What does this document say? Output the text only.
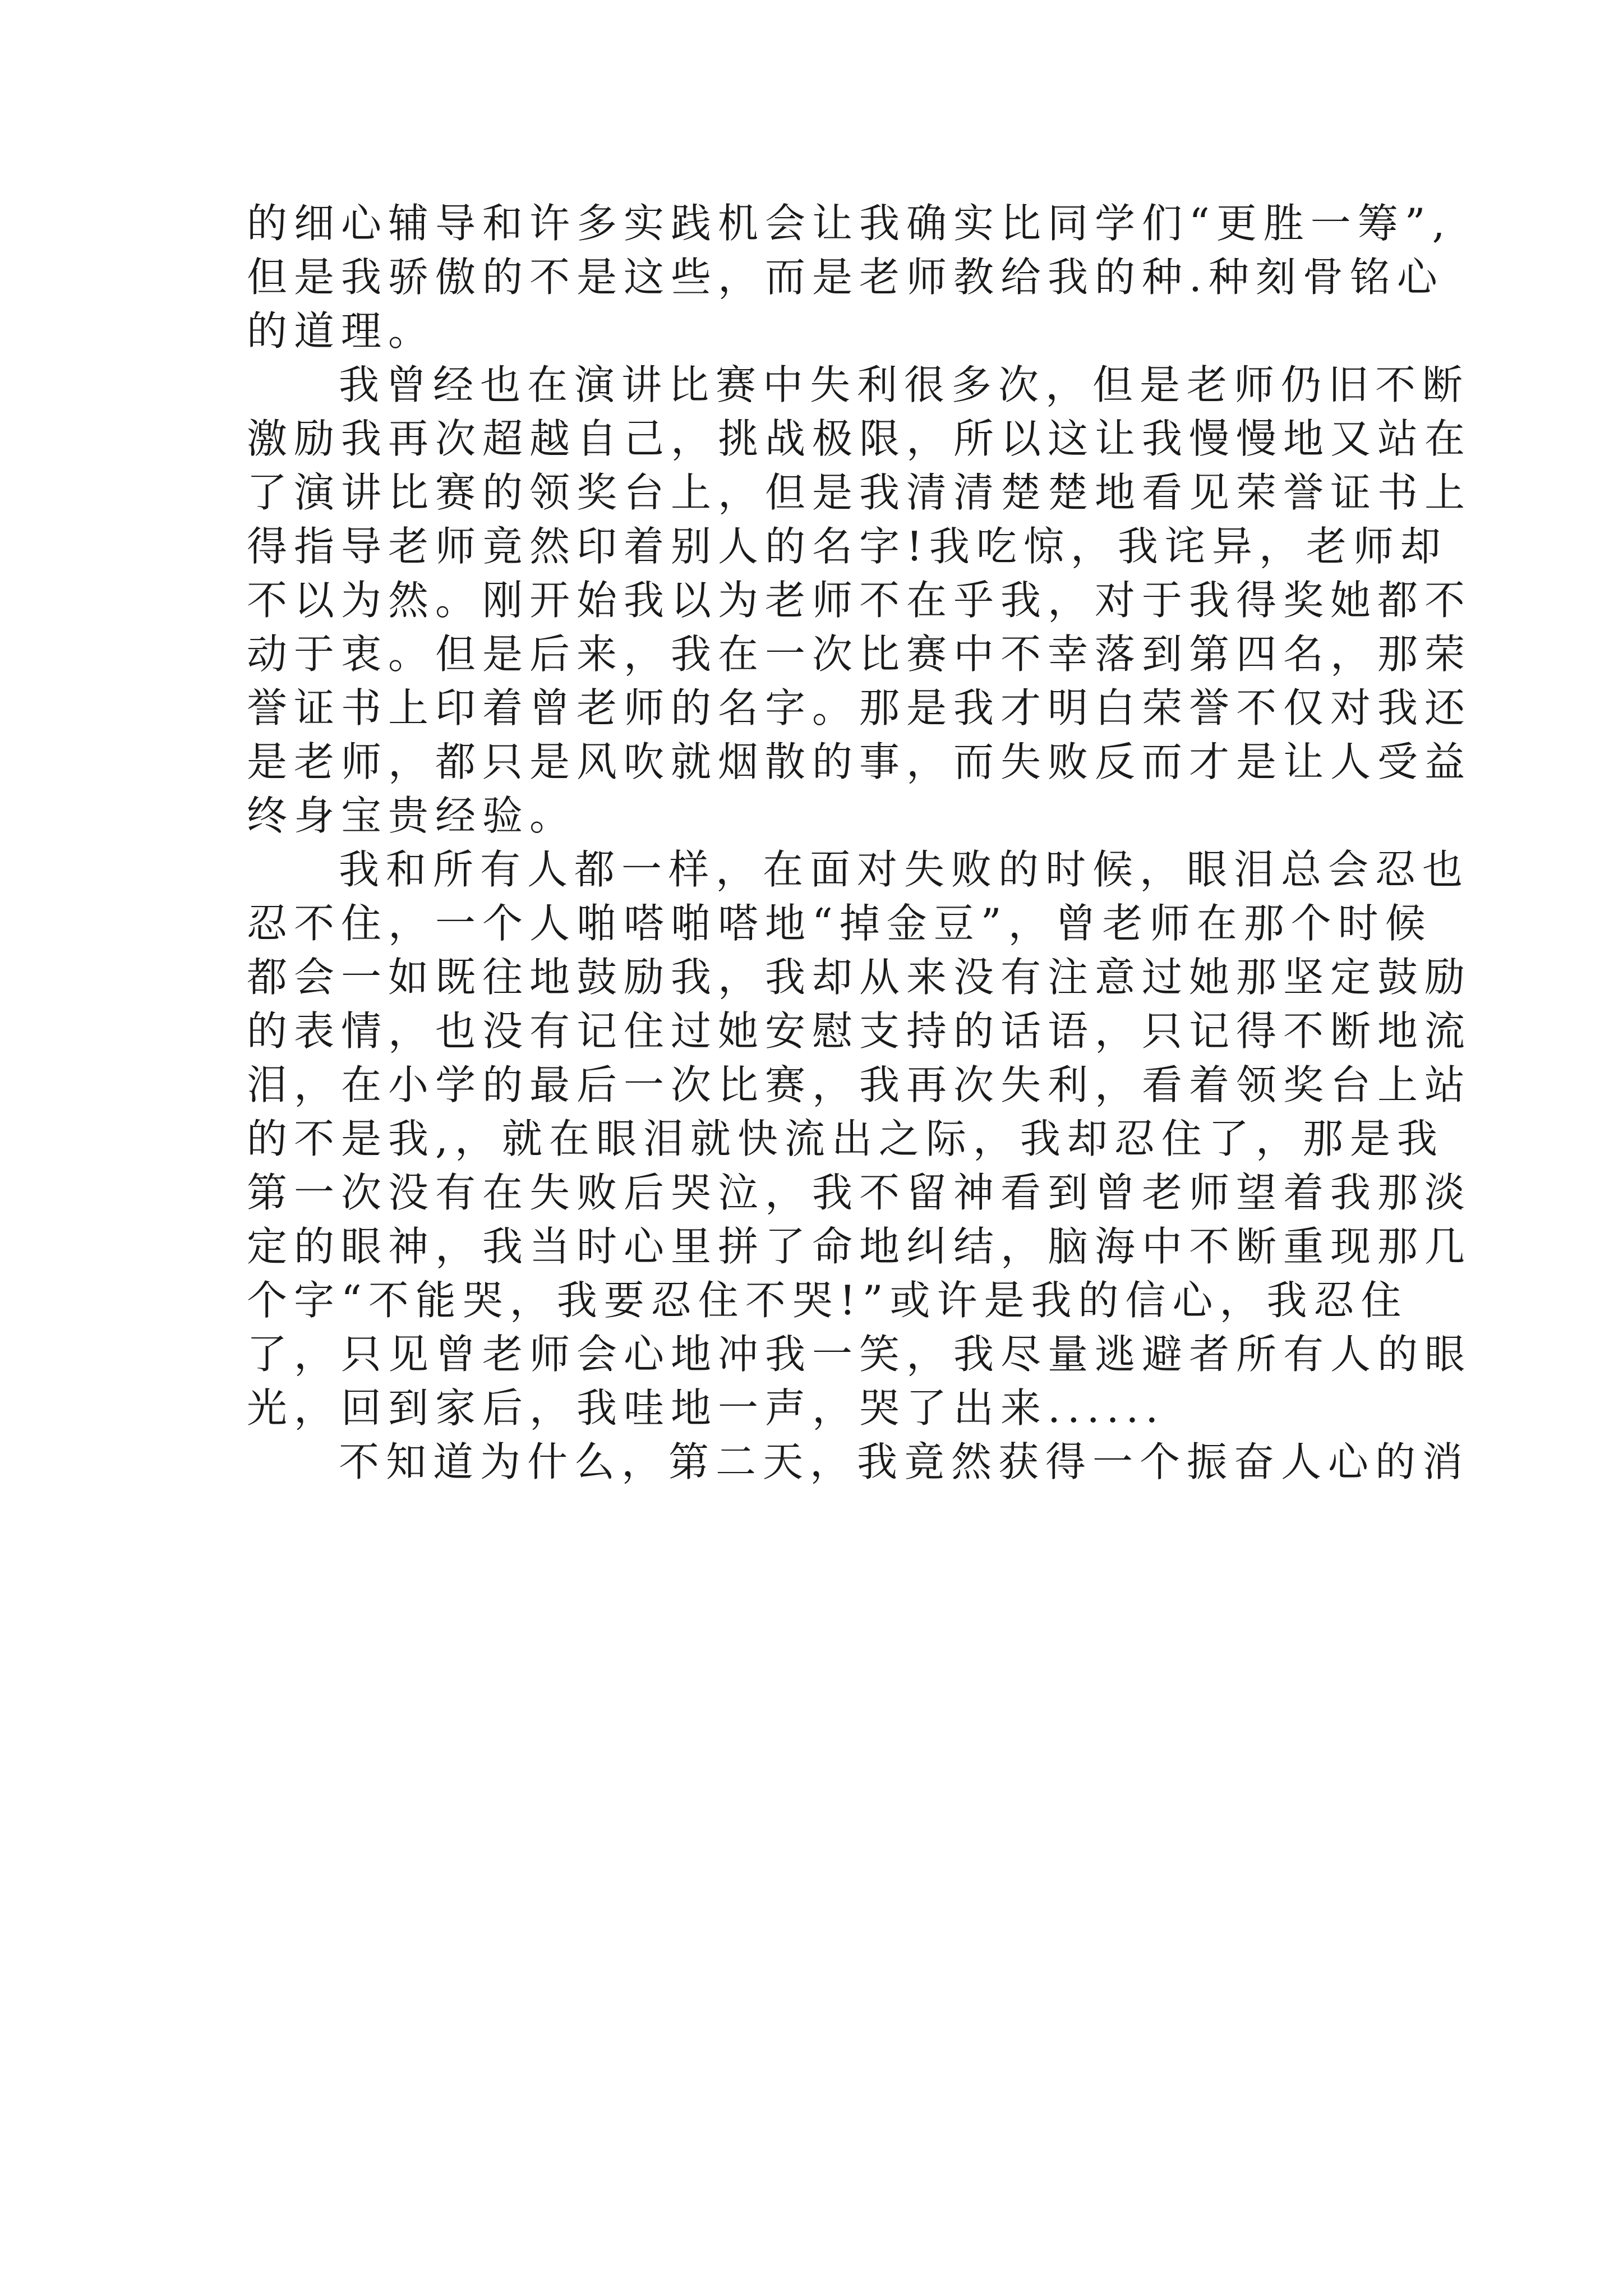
的细心辅导和许多实践机会让我确实比同学们“更胜一筹”,
但是我骄傲的不是这些，而是老师教给我的种.种刻骨铭心
的道理。
我曾经也在演讲比赛中失利很多次，但是老师仍旧不断
激励我再次超越自己，挑战极限，所以这让我慢慢地又站在
了演讲比赛的领奖台上，但是我清清楚楚地看见荣誉证书上
得指导老师竟然印着别人的名字!我吃惊，我诧异，老师却
不以为然。刚开始我以为老师不在乎我，对于我得奖她都不
动于衷。但是后来，我在一次比赛中不幸落到第四名，那荣
誉证书上印着曾老师的名字。那是我才明白荣誉不仅对我还
是老师，都只是风吹就烟散的事，而失败反而才是让人受益
终身宝贵经验。
我和所有人都一样，在面对失败的时候，眼泪总会忍也
忍不住，一个人啪嗒啪嗒地“掉金豆”，曾老师在那个时候
都会一如既往地鼓励我，我却从来没有注意过她那坚定鼓励
的表情，也没有记住过她安慰支持的话语，只记得不断地流
泪，在小学的最后一次比赛，我再次失利，看着领奖台上站
的不是我,，就在眼泪就快流出之际，我却忍住了，那是我
第一次没有在失败后哭泣，我不留神看到曾老师望着我那淡
定的眼神，我当时心里拼了命地纠结，脑海中不断重现那几
个字“不能哭，我要忍住不哭!”或许是我的信心，我忍住
了，只见曾老师会心地冲我一笑，我尽量逃避者所有人的眼
光，回到家后，我哇地一声，哭了出来......
不知道为什么，第二天，我竟然获得一个振奋人心的消
